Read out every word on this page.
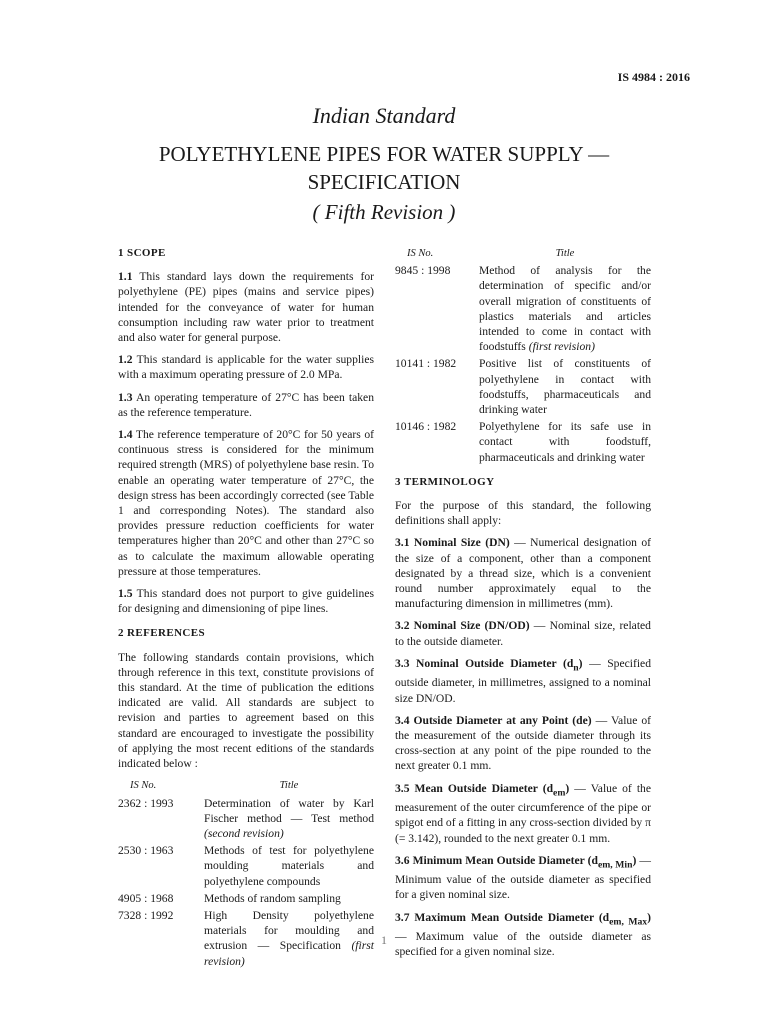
IS 4984 : 2016
Indian Standard
POLYETHYLENE PIPES FOR WATER SUPPLY —
SPECIFICATION
( Fifth Revision )
1 SCOPE

1.1 This standard lays down the requirements for polyethylene (PE) pipes (mains and service pipes) intended for the conveyance of water for human consumption including raw water prior to treatment and also water for general purpose.

1.2 This standard is applicable for the water supplies with a maximum operating pressure of 2.0 MPa.

1.3 An operating temperature of 27°C has been taken as the reference temperature.

1.4 The reference temperature of 20°C for 50 years of continuous stress is considered for the minimum required strength (MRS) of polyethylene base resin. To enable an operating water temperature of 27°C, the design stress has been accordingly corrected (see Table 1 and corresponding Notes). The standard also provides pressure reduction coefficients for water temperatures higher than 20°C and other than 27°C so as to calculate the maximum allowable operating pressure at those temperatures.

1.5 This standard does not purport to give guidelines for designing and dimensioning of pipe lines.

2 REFERENCES

The following standards contain provisions, which through reference in this text, constitute provisions of this standard. At the time of publication the editions indicated are valid. All standards are subject to revision and parties to agreement based on this standard are encouraged to investigate the possibility of applying the most recent editions of the standards indicated below :

IS No.	Title
2362 : 1993	Determination of water by Karl Fischer method — Test method (second revision)
2530 : 1963	Methods of test for polyethylene moulding materials and polyethylene compounds
4905 : 1968	Methods of random sampling
7328 : 1992	High Density polyethylene materials for moulding and extrusion — Specification (first revision)
IS No.	Title
9845 : 1998	Method of analysis for the determination of specific and/or overall migration of constituents of plastics materials and articles intended to come in contact with foodstuffs (first revision)
10141 : 1982	Positive list of constituents of polyethylene in contact with foodstuffs, pharmaceuticals and drinking water
10146 : 1982	Polyethylene for its safe use in contact with foodstuff, pharmaceuticals and drinking water
3 TERMINOLOGY

For the purpose of this standard, the following definitions shall apply:

3.1 Nominal Size (DN) — Numerical designation of the size of a component, other than a component designated by a thread size, which is a convenient round number approximately equal to the manufacturing dimension in millimetres (mm).

3.2 Nominal Size (DN/OD) — Nominal size, related to the outside diameter.

3.3 Nominal Outside Diameter $(d_n)$ — Specified outside diameter, in millimetres, assigned to a nominal size DN/OD.

3.4 Outside Diameter at any Point (de) — Value of the measurement of the outside diameter through its cross-section at any point of the pipe rounded to the next greater 0.1 mm.

3.5 Mean Outside Diameter $(d_{em})$ — Value of the measurement of the outer circumference of the pipe or spigot end of a fitting in any cross-section divided by π (= 3.142), rounded to the next greater 0.1 mm.

3.6 Minimum Mean Outside Diameter $(d_{em, Min})$ — Minimum value of the outside diameter as specified for a given nominal size.

3.7 Maximum Mean Outside Diameter $(d_{em, Max})$ — Maximum value of the outside diameter as specified for a given nominal size.

1
